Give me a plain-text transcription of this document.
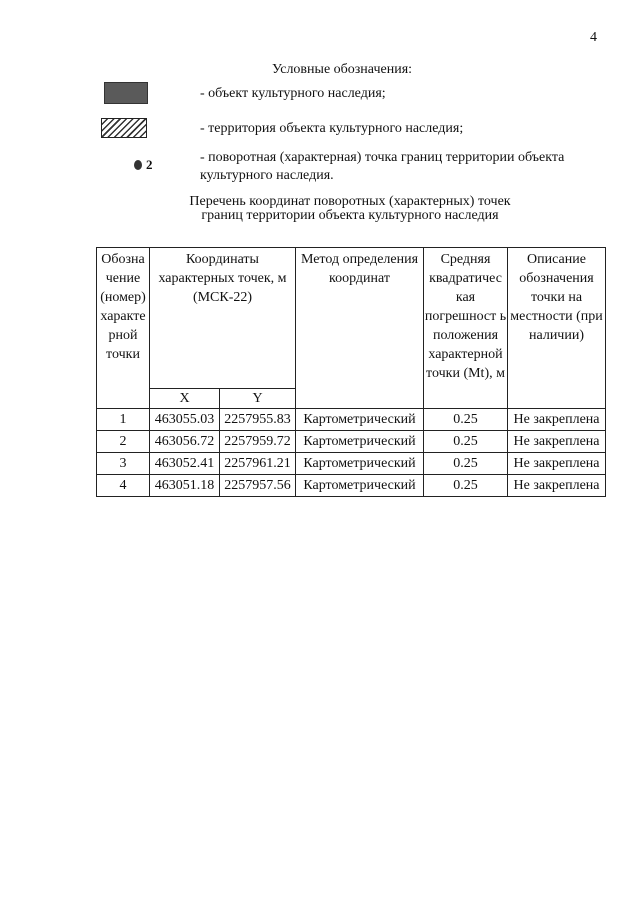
4
Условные обозначения:
- объект культурного наследия;
- территория объекта культурного наследия;
2	- поворотная (характерная) точка границ территории объекта
культурного наследия.
Перечень координат поворотных (характерных) точек
границ территории объекта культурного наследия
Обозна чение (номер) характе рной точки	Координаты характерных точек, м (МСК-22)		Метод определения координат	Средняя квадратичес кая погрешност ь положения характерной точки (Mt), м	Описание обозначения точки на местности (при наличии)
	X	Y			
1	463055.03	2257955.83	Картометрический	0.25	Не закреплена
2	463056.72	2257959.72	Картометрический	0.25	Не закреплена
3	463052.41	2257961.21	Картометрический	0.25	Не закреплена
4	463051.18	2257957.56	Картометрический	0.25	Не закреплена
